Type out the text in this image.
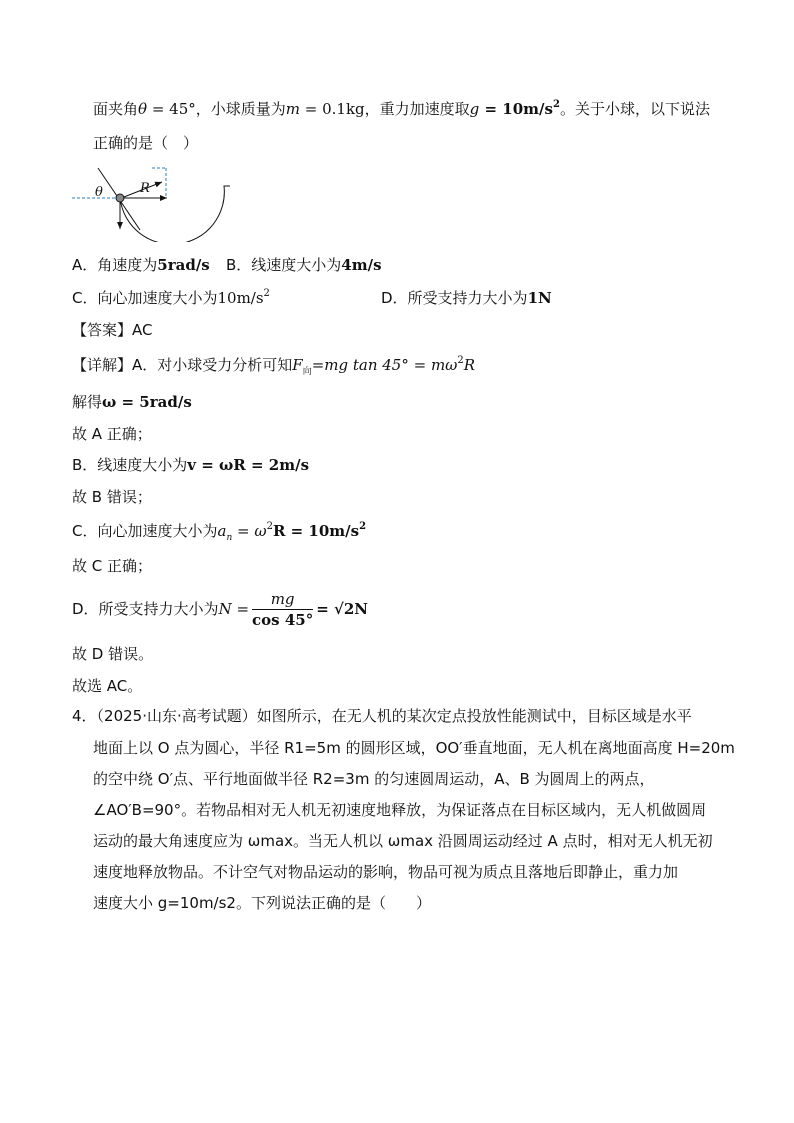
面夹角θ = 45°，小球质量为m = 0.1kg，重力加速度取$g = 10m/s^2$。关于小球，以下说法
正确的是（　）
θ	R
A．角速度为5rad/s B．线速度大小为4m/s
C．向心加速度大小为$10m/s^2$	D．所受支持力大小为1N
【答案】AC
【详解】A．对小球受力分析可知$F_向=mg$ $\tan 45^\circ = m\omega^2R$
解得ω = 5rad/s
故 A 正确；
B．线速度大小为v = ωR = 2m/s
故 B 错误；
C．向心加速度大小为$a_n = \omega^2R = 10m/s^2$
故 C 正确；
D．所受支持力大小为$N = \frac{mg}{\cos 45^\circ} = √2N$
故 D 错误。
故选 AC。
4．（2025·山东·高考试题）如图所示，在无人机的某次定点投放性能测试中，目标区域是水平
地面上以 O 点为圆心，半径 R1=5m 的圆形区域，OO′垂直地面，无人机在离地面高度 H=20m
的空中绕 O′点、平行地面做半径 R2=3m 的匀速圆周运动，A、B 为圆周上的两点，
∠AO′B=90°。若物品相对无人机无初速度地释放，为保证落点在目标区域内，无人机做圆周
运动的最大角速度应为 ωmax。当无人机以 ωmax 沿圆周运动经过 A 点时，相对无人机无初
速度地释放物品。不计空气对物品运动的影响，物品可视为质点且落地后即静止，重力加
速度大小 g=10m/s2。下列说法正确的是（　　）
